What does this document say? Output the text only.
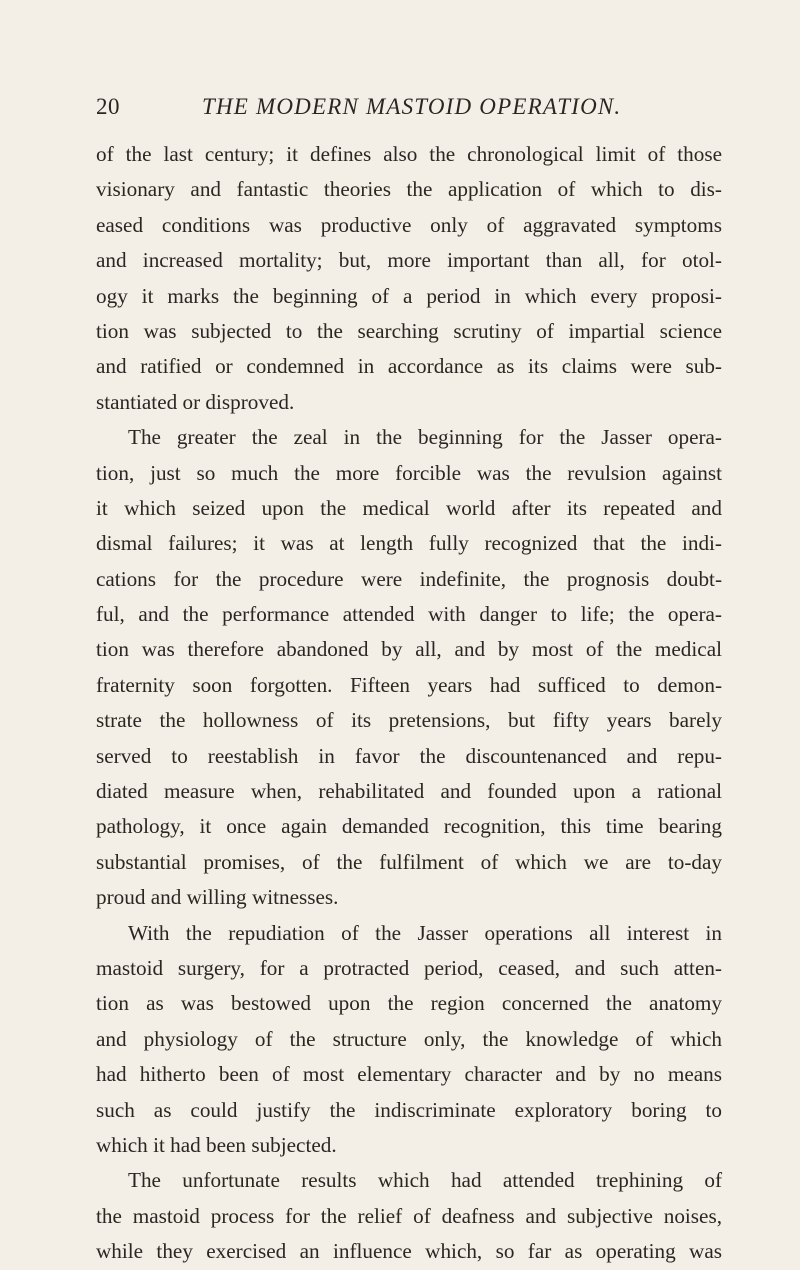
20	THE MODERN MASTOID OPERATION.
of the last century; it defines also the chronological limit of those
visionary and fantastic theories the application of which to dis-
eased conditions was productive only of aggravated symptoms
and increased mortality; but, more important than all, for otol-
ogy it marks the beginning of a period in which every proposi-
tion was subjected to the searching scrutiny of impartial science
and ratified or condemned in accordance as its claims were sub-
stantiated or disproved.
The greater the zeal in the beginning for the Jasser opera-
tion, just so much the more forcible was the revulsion against
it which seized upon the medical world after its repeated and
dismal failures; it was at length fully recognized that the indi-
cations for the procedure were indefinite, the prognosis doubt-
ful, and the performance attended with danger to life; the opera-
tion was therefore abandoned by all, and by most of the medical
fraternity soon forgotten. Fifteen years had sufficed to demon-
strate the hollowness of its pretensions, but fifty years barely
served to reestablish in favor the discountenanced and repu-
diated measure when, rehabilitated and founded upon a rational
pathology, it once again demanded recognition, this time bearing
substantial promises, of the fulfilment of which we are to-day
proud and willing witnesses.
With the repudiation of the Jasser operations all interest in
mastoid surgery, for a protracted period, ceased, and such atten-
tion as was bestowed upon the region concerned the anatomy
and physiology of the structure only, the knowledge of which
had hitherto been of most elementary character and by no means
such as could justify the indiscriminate exploratory boring to
which it had been subjected.
The unfortunate results which had attended trephining of
the mastoid process for the relief of deafness and subjective noises,
while they exercised an influence which, so far as operating was
